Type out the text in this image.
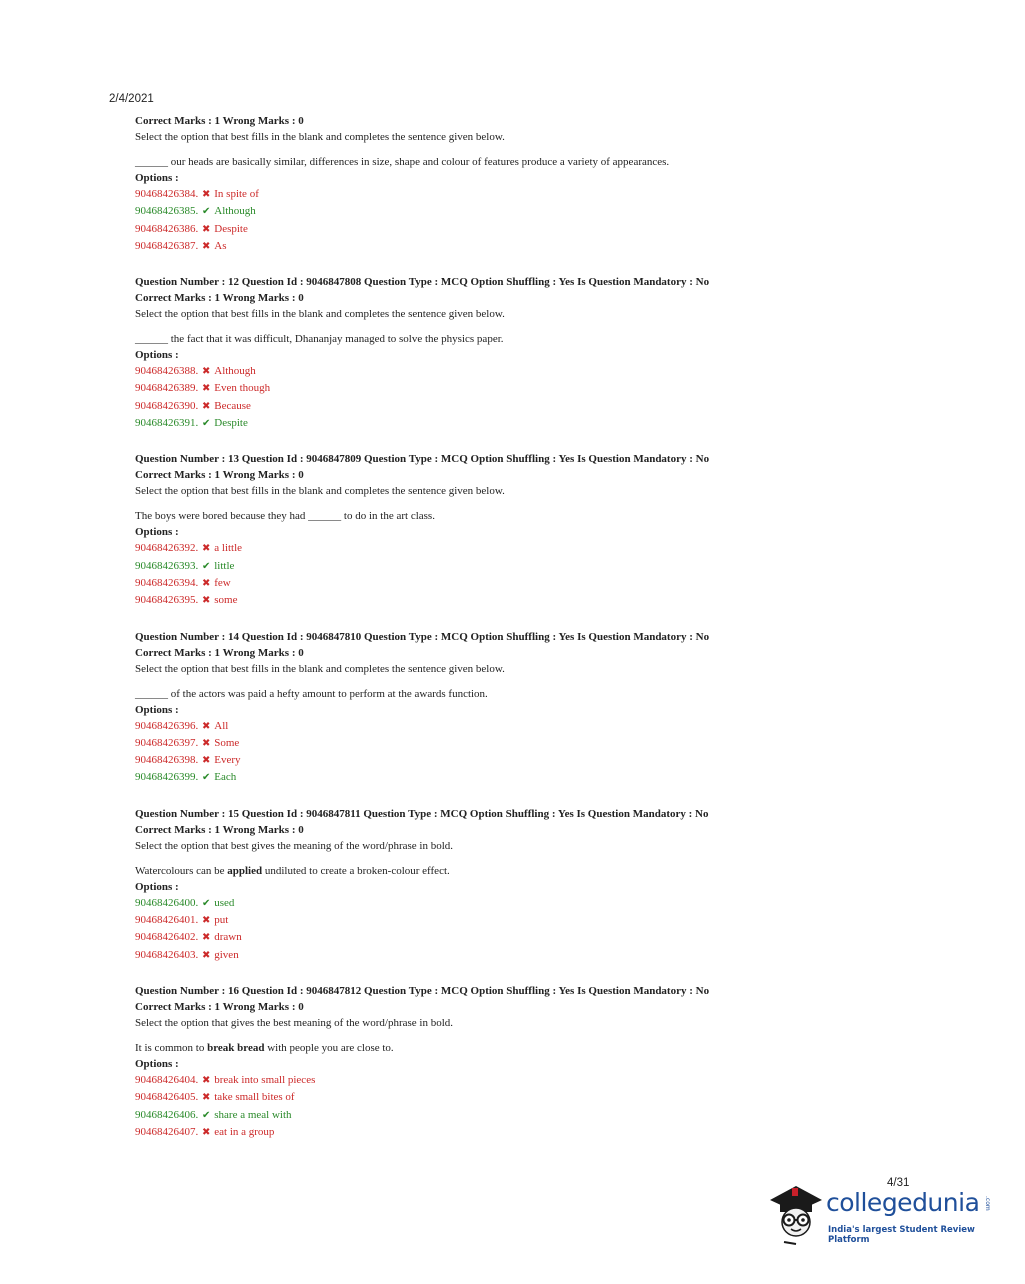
2/4/2021
Correct Marks : 1 Wrong Marks : 0
Select the option that best fills in the blank and completes the sentence given below.
______ our heads are basically similar, differences in size, shape and colour of features produce a variety of appearances.
Options :
90468426384. ✖ In spite of
90468426385. ✔ Although
90468426386. ✖ Despite
90468426387. ✖ As
Question Number : 12 Question Id : 9046847808 Question Type : MCQ Option Shuffling : Yes Is Question Mandatory : No
Correct Marks : 1 Wrong Marks : 0
Select the option that best fills in the blank and completes the sentence given below.
______ the fact that it was difficult, Dhananjay managed to solve the physics paper.
Options :
90468426388. ✖ Although
90468426389. ✖ Even though
90468426390. ✖ Because
90468426391. ✔ Despite
Question Number : 13 Question Id : 9046847809 Question Type : MCQ Option Shuffling : Yes Is Question Mandatory : No
Correct Marks : 1 Wrong Marks : 0
Select the option that best fills in the blank and completes the sentence given below.
The boys were bored because they had ______ to do in the art class.
Options :
90468426392. ✖ a little
90468426393. ✔ little
90468426394. ✖ few
90468426395. ✖ some
Question Number : 14 Question Id : 9046847810 Question Type : MCQ Option Shuffling : Yes Is Question Mandatory : No
Correct Marks : 1 Wrong Marks : 0
Select the option that best fills in the blank and completes the sentence given below.
______ of the actors was paid a hefty amount to perform at the awards function.
Options :
90468426396. ✖ All
90468426397. ✖ Some
90468426398. ✖ Every
90468426399. ✔ Each
Question Number : 15 Question Id : 9046847811 Question Type : MCQ Option Shuffling : Yes Is Question Mandatory : No
Correct Marks : 1 Wrong Marks : 0
Select the option that best gives the meaning of the word/phrase in bold.
Watercolours can be applied undiluted to create a broken-colour effect.
Options :
90468426400. ✔ used
90468426401. ✖ put
90468426402. ✖ drawn
90468426403. ✖ given
Question Number : 16 Question Id : 9046847812 Question Type : MCQ Option Shuffling : Yes Is Question Mandatory : No
Correct Marks : 1 Wrong Marks : 0
Select the option that gives the best meaning of the word/phrase in bold.
It is common to break bread with people you are close to.
Options :
90468426404. ✖ break into small pieces
90468426405. ✖ take small bites of
90468426406. ✔ share a meal with
90468426407. ✖ eat in a group
4/31
collegedunia .com
India's largest Student Review Platform
